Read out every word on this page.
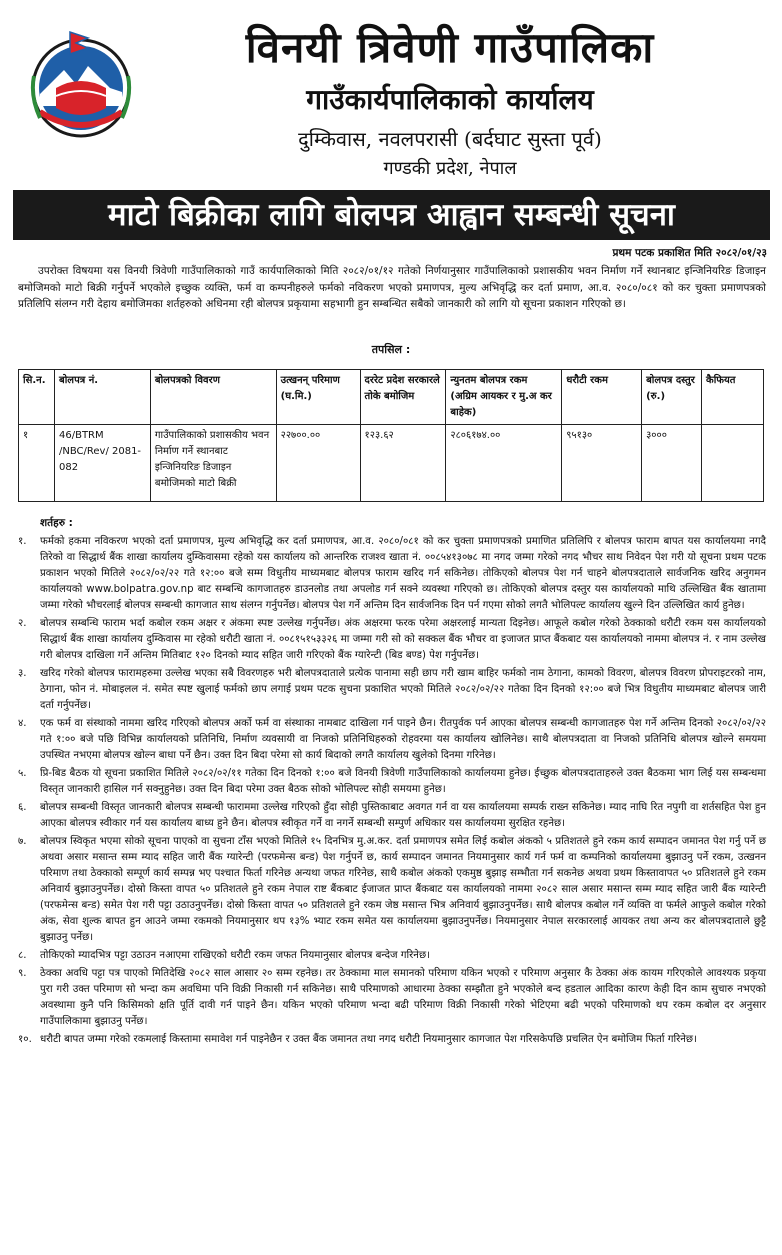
विनयी त्रिवेणी गाउँपालिका
गाउँकार्यपालिकाको कार्यालय
दुम्किवास, नवलपरासी (बर्दघाट सुस्ता पूर्व)
गण्डकी प्रदेश, नेपाल
माटो बिक्रीका लागि बोलपत्र आह्वान सम्बन्धी सूचना
प्रथम पटक प्रकाशित मिति २०८२/०१/२३
उपरोक्त विषयमा यस विनयी त्रिवेणी गाउँपालिकाको गाउँ कार्यपालिकाको मिति २०८२/०१/१२ गतेको निर्णयानुसार गाउँपालिकाको प्रशासकीय भवन निर्माण गर्ने स्थानबाट इन्जिनियरिङ डिजाइन बमोजिमको माटो बिक्री गर्नुपर्ने भएकोले इच्छुक व्यक्ति, फर्म वा कम्पनीहरुले फर्मको नविकरण भएको प्रमाणपत्र, मुल्य अभिवृद्धि कर दर्ता प्रमाण, आ.व. २०८०/०८१ को कर चुक्ता प्रमाणपत्रको प्रतिलिपि संलग्न गरी देहाय बमोजिमका शर्तहरुको अधिनमा रही बोलपत्र प्रकृयामा सहभागी हुन सम्बन्धित सबैको जानकारी को लागि यो सूचना प्रकाशन गरिएको छ।
तपसिल :
सि.न.	बोलपत्र नं.	बोलपत्रको विवरण	उत्खनन् परिमाण (घ.मि.)	दररेट प्रदेश सरकारले तोके बमोजिम	न्युनतम बोलपत्र रकम (अग्रिम आयकर र मु.अ कर बाहेक)	धरौटी रकम	बोलपत्र दस्तुर (रु.)	कैफियत
१	46/BTRM /NBC/Rev/ 2081-082	गाउँपालिकाको प्रशासकीय भवन निर्माण गर्ने स्थानबाट इन्जिनियरिङ डिजाइन बमोजिमको माटो बिक्री	२२७००.००	१२३.६२	२८०६१७४.००	९५१३०	३०००	
शर्तहरु :
१.	फर्मको हकमा नविकरण भएको दर्ता प्रमाणपत्र, मुल्य अभिवृद्धि कर दर्ता प्रमाणपत्र, आ.व. २०८०/०८१ को कर चुक्ता प्रमाणपत्रको प्रमाणित प्रतिलिपि र बोलपत्र फाराम बापत यस कार्यालयमा नगदै तिरेको वा सिद्धार्थ बैंक शाखा कार्यालय दुम्किवासमा रहेको यस कार्यालय को आन्तरिक राजश्व खाता नं. ००८५४१३०७८ मा नगद जम्मा गरेको नगद भौचर साथ निवेदन पेश गरी यो सूचना प्रथम पटक प्रकाशन भएको मितिले २०८२/०२/२२ गते १२:०० बजे सम्म विधुतीय माध्यमबाट बोलपत्र फाराम खरिद गर्न सकिनेछ। तोकिएको बोलपत्र पेश गर्न चाहने बोलपत्रदाताले सार्वजनिक खरिद अनुगमन कार्यालयको www.bolpatra.gov.np बाट सम्बन्धि कागजातहरु डाउनलोड तथा अपलोड गर्न सक्ने व्यवस्था गरिएको छ। तोकिएको बोलपत्र दस्तुर यस कार्यालयको माथि उल्लिखित बैंक खातामा जम्मा गरेको भौचरलाई बोलपत्र सम्बन्धी कागजात साथ संलग्न गर्नुपर्नेछ। बोलपत्र पेश गर्ने अन्तिम दिन सार्वजनिक दिन पर्न गएमा सोको लगतै भोलिपल्ट कार्यालय खुल्ने दिन उल्लिखित कार्य हुनेछ।
२.	बोलपत्र सम्बन्धि फाराम भर्दा कबोल रकम अक्षर र अंकमा स्पष्ट उल्लेख गर्नुपर्नेछ। अंक अक्षरमा फरक परेमा अक्षरलाई मान्यता दिइनेछ। आफूले कबोल गरेको ठेक्काको धरौटी रकम यस कार्यालयको सिद्धार्थ बैंक शाखा कार्यालय दुम्किवास मा रहेको धरौटी खाता नं. ००८१५१५३३२६ मा जम्मा गरी सो को सक्कल बैंक भौचर वा इजाजत प्राप्त बैंकबाट यस कार्यालयको नाममा बोलपत्र नं. र नाम उल्लेख गरी बोलपत्र दाखिला गर्ने अन्तिम मितिबाट १२० दिनको म्याद सहित जारी गरिएको बैंक ग्यारेन्टी (बिड बण्ड) पेश गर्नुपर्नेछ।
३.	खरिद गरेको बोलपत्र फारामहरुमा उल्लेख भएका सबै विवरणहरु भरी बोलपत्रदाताले प्रत्येक पानामा सही छाप गरी खाम बाहिर फर्मको नाम ठेगाना, कामको विवरण, बोलपत्र विवरण प्रोपराइटरको नाम, ठेगाना, फोन नं. मोबाइलल नं. समेत स्पष्ट खुलाई फर्मको छाप लगाई प्रथम पटक सुचना प्रकाशित भएको मितिले २०८२/०२/२२ गतेका दिन दिनको १२:०० बजे भित्र विधुतीय माध्यमबाट बोलपत्र जारी दर्ता गर्नुपर्नेछ।
४.	एक फर्म वा संस्थाको नाममा खरिद गरिएको बोलपत्र अर्को फर्म वा संस्थाका नामबाट दाखिला गर्न पाइने छैन। रीतपुर्वक पर्न आएका बोलपत्र सम्बन्धी कागजातहरु पेश गर्ने अन्तिम दिनको २०८२/०२/२२ गते १:०० बजे पछि विभिन्न कार्यालयको प्रतिनिधि, निर्माण व्यवसायी वा निजको प्रतिनिधिहरुको रोहवरमा यस कार्यालय खोलिनेछ। साथै बोलपत्रदाता वा निजको प्रतिनिधि बोलपत्र खोल्ने समयमा उपस्थित नभएमा बोलपत्र खोल्न बाधा पर्ने छैन। उक्त दिन बिदा परेमा सो कार्य बिदाको लगतै कार्यालय खुलेको दिनमा गरिनेछ।
५.	प्रि-बिड बैठक यो सूचना प्रकाशित मितिले २०८२/०२/११ गतेका दिन दिनको १:०० बजे विनयी त्रिवेणी गाउँपालिकाको कार्यालयमा हुनेछ। ईच्छुक बोलपत्रदाताहरुले उक्त बैठकमा भाग लिई यस सम्बन्धमा विस्तृत जानकारी हासिल गर्न सक्नुहुनेछ। उक्त दिन बिदा परेमा उक्त बैठक सोको भोलिपल्ट सोही समयमा हुनेछ।
६.	बोलपत्र सम्बन्धी विस्तृत जानकारी बोलपत्र सम्बन्धी फाराममा उल्लेख गरिएको हुँदा सोही पुस्तिकाबाट अवगत गर्न वा यस कार्यालयमा सम्पर्क राख्न सकिनेछ। म्याद नाघि रित नपुगी वा शर्तसहित पेश हुन आएका बोलपत्र स्वीकार गर्न यस कार्यालय बाध्य हुने छैन। बोलपत्र स्वीकृत गर्ने वा नगर्ने सम्बन्धी सम्पुर्ण अधिकार यस कार्यालयमा सुरक्षित रहनेछ।
७.	बोलपत्र स्विकृत भएमा सोको सूचना पाएको वा सुचना टाँस भएको मितिले १५ दिनभित्र मु.अ.कर. दर्ता प्रमाणपत्र समेत लिई कबोल अंकको ५ प्रतिशतले हुने रकम कार्य सम्पादन जमानत पेश गर्नु पर्ने छ अथवा असार मसान्त सम्म म्याद सहित जारी बैंक ग्यारेन्टी (परफमेन्स बन्ड) पेश गर्नुपर्ने छ, कार्य सम्पादन जमानत नियमानुसार कार्य गर्न फर्म वा कम्पनिको कार्यालयमा बुझाउनु पर्ने रकम, उत्खनन परिमाण तथा ठेक्काको सम्पूर्ण कार्य सम्पन्न भए पश्चात फिर्ता गरिनेछ अन्यथा जफत गरिनेछ, साथै कबोल अंकको एकमुष्ठ बुझाइ सम्भौता गर्न सकनेछ अथवा प्रथम किस्तावापत ५० प्रतिशतले हुने रकम अनिवार्य बुझाउनुपर्नेछ। दोस्रो किस्ता वापत ५० प्रतिशतले हुने रकम नेपाल राष्ट बैंकबाट ईजाजत प्राप्त बैंकबाट यस कार्यालयको नाममा २०८२ साल असार मसान्त सम्म म्याद सहित जारी बैंक ग्यारेन्टी (परफमेन्स बन्ड) समेत पेश गरी पट्टा उठाउनुपर्नेछ। दोस्रो किस्ता वापत ५० प्रतिशतले हुने रकम जेष्ठ मसान्त भित्र अनिवार्य बुझाउनुपर्नेछ। साथै बोलपत्र कबोल गर्ने व्यक्ति वा फर्मले आफुले कबोल गरेको अंक, सेवा शुल्क बापत हुन आउने जम्मा रकमको नियमानुसार थप १३% भ्याट रकम समेत यस कार्यालयमा बुझाउनुपर्नेछ। नियमानुसार नेपाल सरकारलाई आयकर तथा अन्य कर बोलपत्रदाताले छुट्टै बुझाउनु पर्नेछ।
८.	तोकिएको म्यादभित्र पट्टा उठाउन नआएमा राखिएको धरौटी रकम जफत नियमानुसार बोलपत्र बन्देज गरिनेछ।
९.	ठेक्का अवधि पट्टा पत्र पाएको मितिदेखि २०८२ साल आसार २० सम्म रहनेछ। तर ठेक्कामा माल समानको परिमाण यकिन भएको र परिमाण अनुसार कै ठेक्का अंक कायम गरिएकोले आवश्यक प्रकृया पुरा गरी उक्त परिमाण सो भन्दा कम अवधिमा पनि विक्री निकासी गर्न सकिनेछ। साथै परिमाणको आधारमा ठेक्का सम्झौता हुने भएकोले बन्द हडताल आदिका कारण केही दिन काम सुचारु नभएको अवस्थामा कुनै पनि किसिमको क्षति पूर्ति दावी गर्न पाइने छैन। यकिन भएको परिमाण भन्दा बढी परिमाण विक्री निकासी गरेको भेटिएमा बढी भएको परिमाणको थप रकम कबोल दर अनुसार गाउँपालिकामा बुझाउनु पर्नेछ।
१०. धरौटी बापत जम्मा गरेको रकमलाई किस्तामा समावेश गर्न पाइनेछैन र उक्त बैंक जमानत तथा नगद धरौटी नियमानुसार कागजात पेश गरिसकेपछि प्रचलित ऐन बमोजिम फिर्ता गरिनेछ।
